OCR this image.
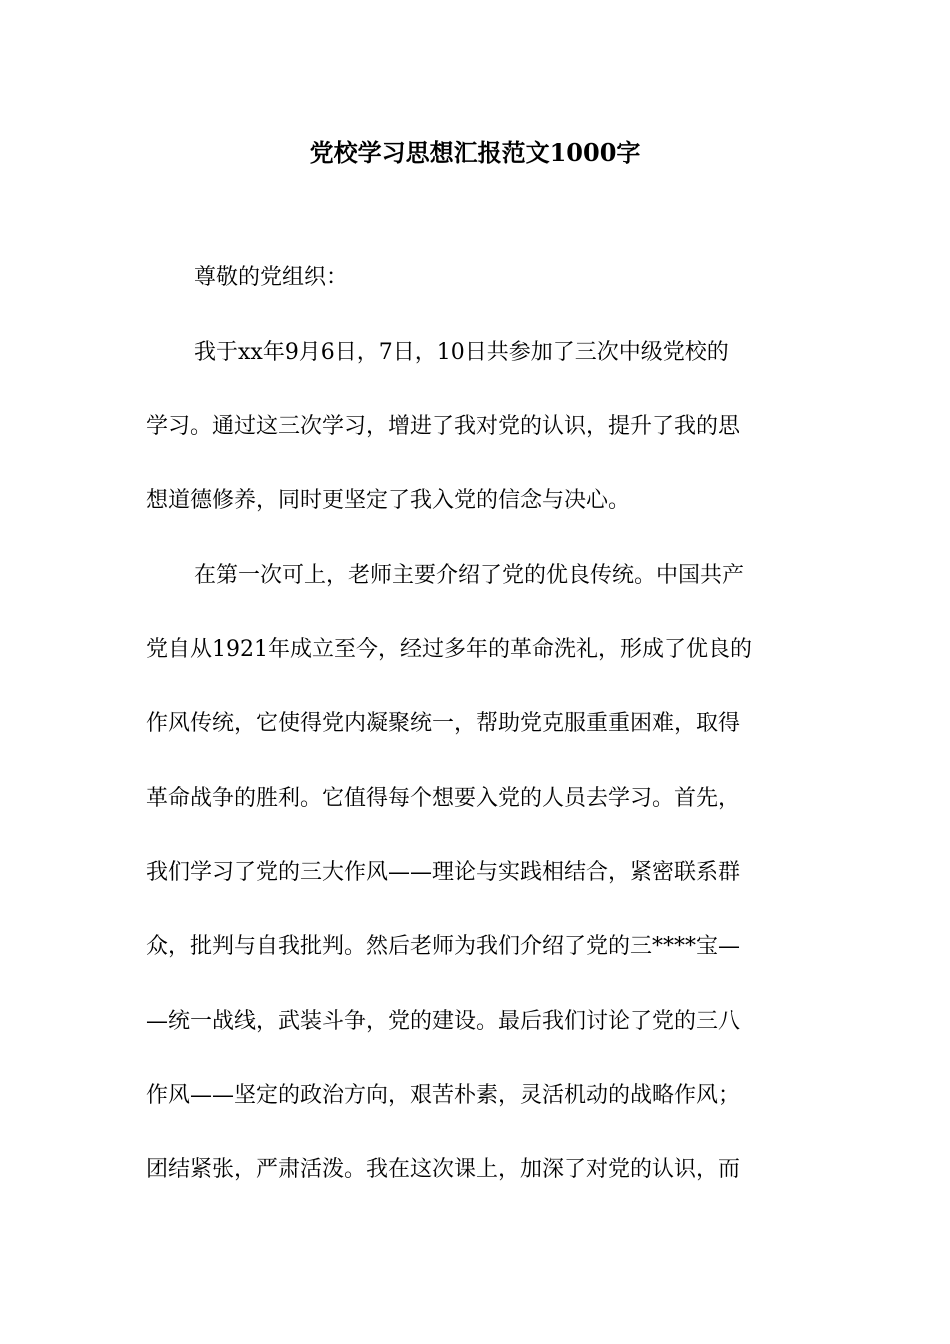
党校学习思想汇报范文1000字
尊敬的党组织：
我于xx年9月6日，7日，10日共参加了三次中级党校的
学习。通过这三次学习，增进了我对党的认识，提升了我的思
想道德修养，同时更坚定了我入党的信念与决心。
在第一次可上，老师主要介绍了党的优良传统。中国共产
党自从1921年成立至今，经过多年的革命洗礼，形成了优良的
作风传统，它使得党内凝聚统一，帮助党克服重重困难，取得
革命战争的胜利。它值得每个想要入党的人员去学习。首先，
我们学习了党的三大作风——理论与实践相结合，紧密联系群
众，批判与自我批判。然后老师为我们介绍了党的三****宝—
—统一战线，武装斗争，党的建设。最后我们讨论了党的三八
作风——坚定的政治方向，艰苦朴素，灵活机动的战略作风；
团结紧张，严肃活泼。我在这次课上，加深了对党的认识，而
